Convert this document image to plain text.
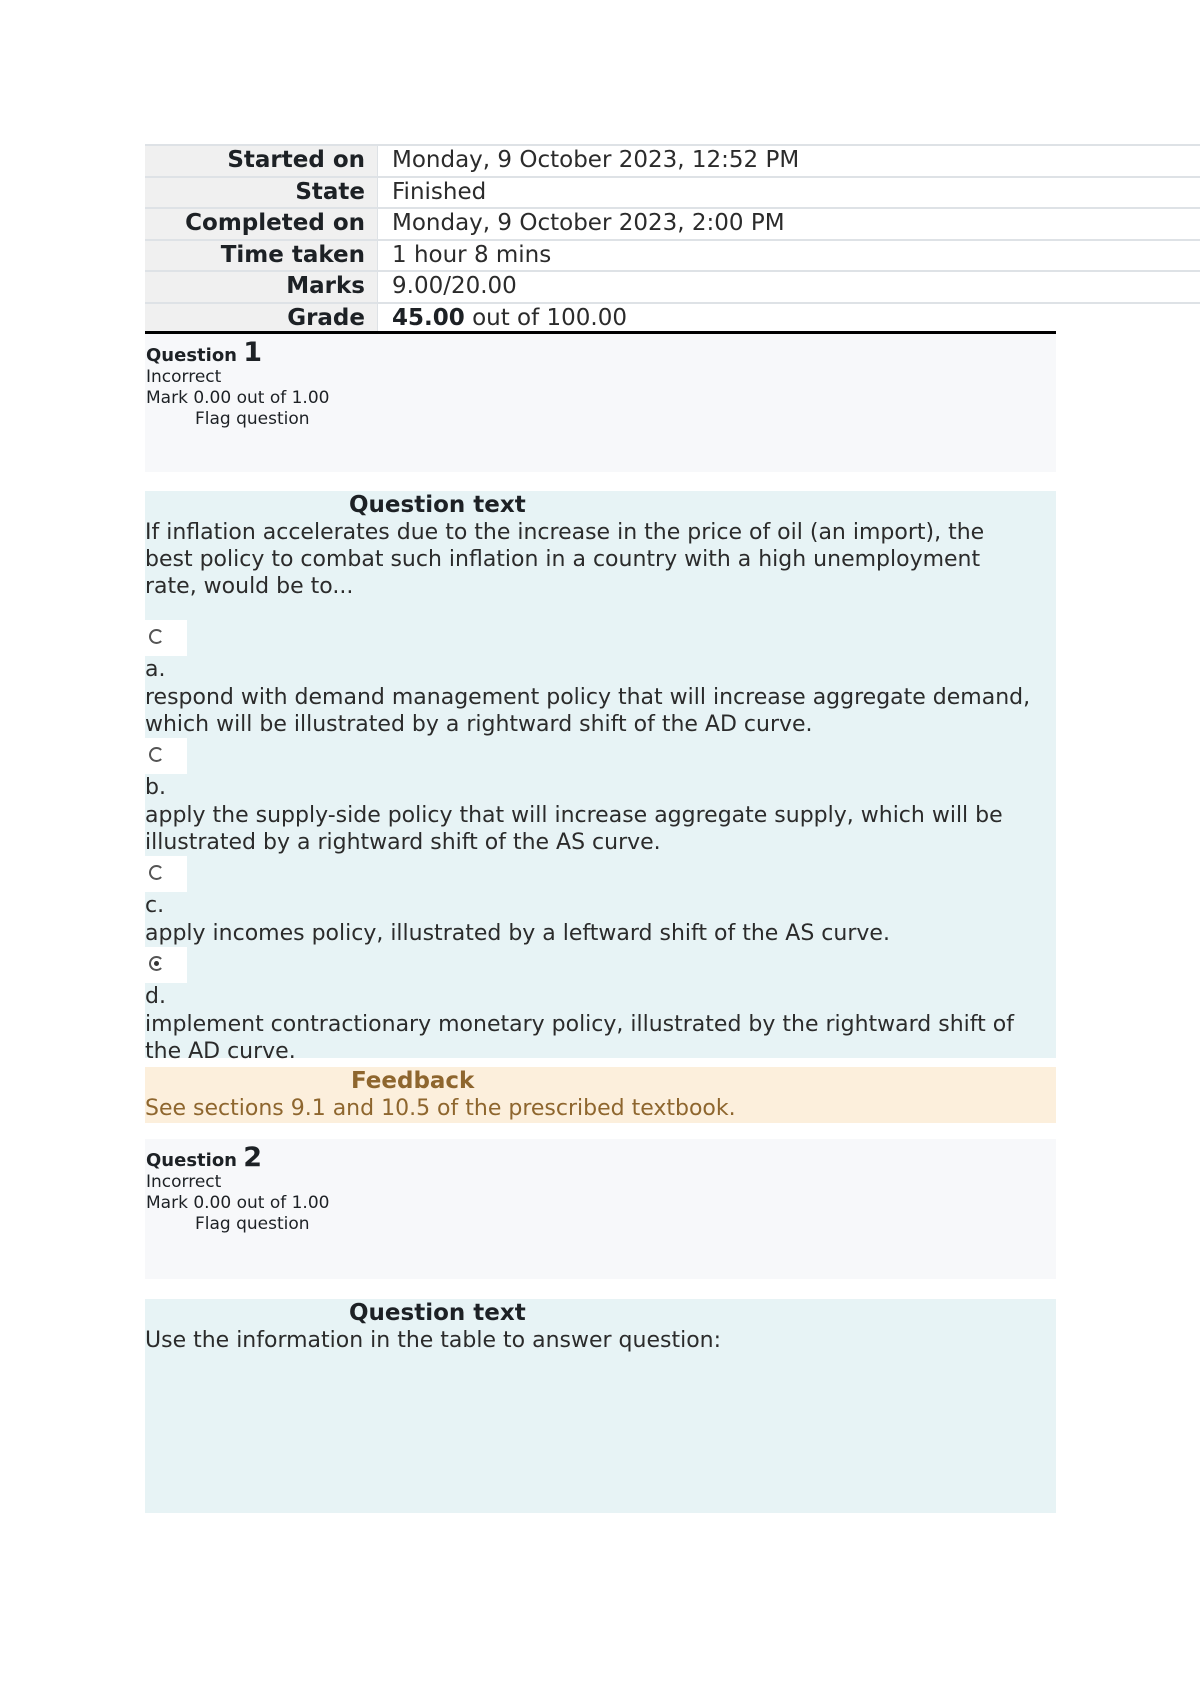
Started on	Monday, 9 October 2023, 12:52 PM
State	Finished
Completed on	Monday, 9 October 2023, 2:00 PM
Time taken	1 hour 8 mins
Marks	9.00/20.00
Grade	45.00 out of 100.00
Question 1
Incorrect
Mark 0.00 out of 1.00
Flag question
Question text
If inflation accelerates due to the increase in the price of oil (an import), the best policy to combat such inflation in a country with a high unemployment rate, would be to...
a.
respond with demand management policy that will increase aggregate demand, which will be illustrated by a rightward shift of the AD curve.
b.
apply the supply-side policy that will increase aggregate supply, which will be illustrated by a rightward shift of the AS curve.
c.
apply incomes policy, illustrated by a leftward shift of the AS curve.
d.
implement contractionary monetary policy, illustrated by the rightward shift of the AD curve.
Feedback
See sections 9.1 and 10.5 of the prescribed textbook.
Question 2
Incorrect
Mark 0.00 out of 1.00
Flag question
Question text
Use the information in the table to answer question:
